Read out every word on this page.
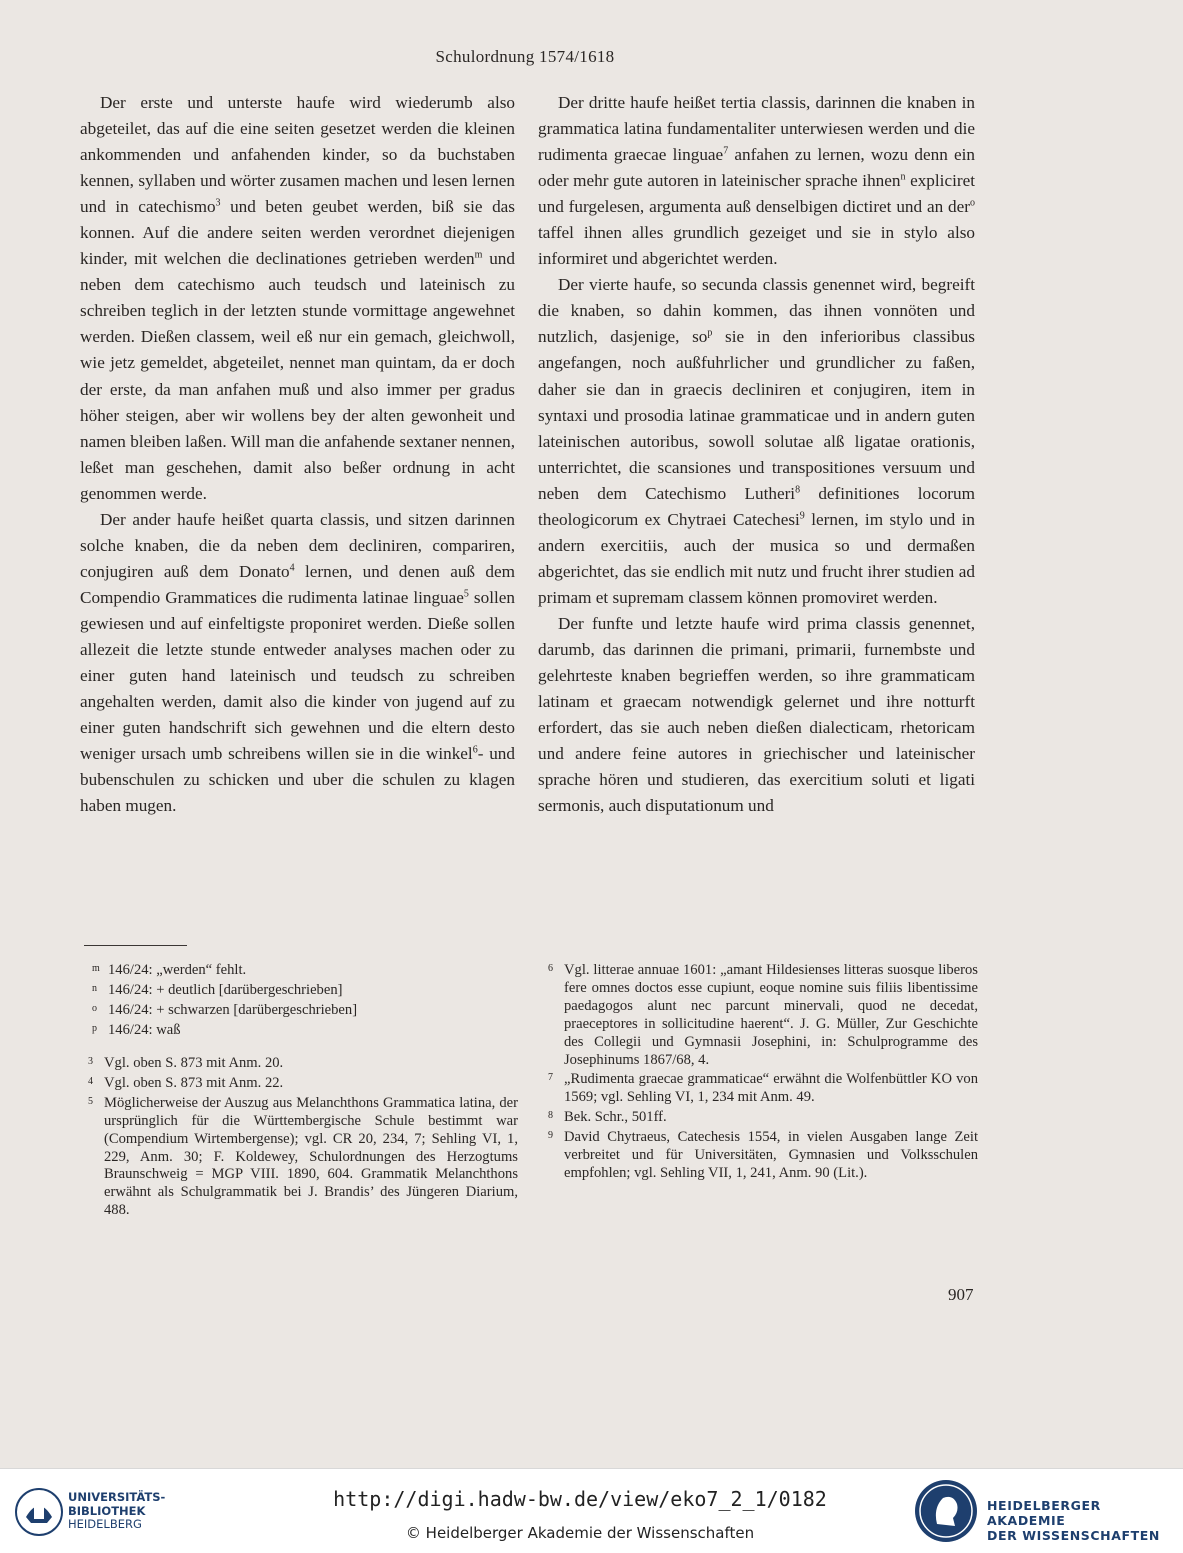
Schulordnung 1574/1618

Der erste und unterste haufe wird wiederumb also abgeteilet, das auf die eine seiten gesetzet werden die kleinen ankommenden und anfahenden kinder, so da buchstaben kennen, syllaben und wörter zusamen machen und lesen lernen und in catechismo$^3$ und beten geubet werden, biß sie das konnen. Auf die andere seiten werden verordnet diejenigen kinder, mit welchen die declinationes getrieben werden$^m$ und neben dem catechismo auch teudsch und lateinisch zu schreiben teglich in der letzten stunde vormittage angewehnet werden. Dießen classem, weil eß nur ein gemach, gleichwoll, wie jetz gemeldet, abgeteilet, nennet man quintam, da er doch der erste, da man anfahen muß und also immer per gradus höher steigen, aber wir wollens bey der alten gewonheit und namen bleiben laßen. Will man die anfahende sextaner nennen, leßet man geschehen, damit also beßer ordnung in acht genommen werde.

Der ander haufe heißet quarta classis, und sitzen darinnen solche knaben, die da neben dem decliniren, compariren, conjugiren auß dem Donato$^4$ lernen, und denen auß dem Compendio Grammatices die rudimenta latinae linguae$^5$ sollen gewiesen und auf einfeltigste proponiret werden. Dieße sollen allezeit die letzte stunde entweder analyses machen oder zu einer guten hand lateinisch und teudsch zu schreiben angehalten werden, damit also die kinder von jugend auf zu einer guten handschrift sich gewehnen und die eltern desto weniger ursach umb schreibens willen sie in die winkel$^6$- und bubenschulen zu schicken und uber die schulen zu klagen haben mugen.

Der dritte haufe heißet tertia classis, darinnen die knaben in grammatica latina fundamentaliter unterwiesen werden und die rudimenta graecae linguae$^7$ anfahen zu lernen, wozu denn ein oder mehr gute autoren in lateinischer sprache ihnen$^n$ expliciret und furgelesen, argumenta auß denselbigen dictiret und an der$^o$ taffel ihnen alles grundlich gezeiget und sie in stylo also informiret und abgerichtet werden.

Der vierte haufe, so secunda classis genennet wird, begreift die knaben, so dahin kommen, das ihnen vonnöten und nutzlich, dasjenige, $so^p$ sie in den inferioribus classibus angefangen, noch außfuhrlicher und grundlicher zu faßen, daher sie dan in graecis decliniren et conjugiren, item in syntaxi und prosodia latinae grammaticae und in andern guten lateinischen autoribus, sowoll solutae alß ligatae orationis, unterrichtet, die scansiones und transpositiones versuum und neben dem Catechismo Lutheri$^8$ definitiones locorum theologicorum ex Chytraei Catechesi$^9$ lernen, im stylo und in andern exercitiis, auch der musica so und dermaßen abgerichtet, das sie endlich mit nutz und frucht ihrer studien ad primam et supremam classem können promoviret werden.

Der funfte und letzte haufe wird prima classis genennet, darumb, das darinnen die primani, primarii, furnembste und gelehrteste knaben begrieffen werden, so ihre grammaticam latinam et graecam notwendigk gelernet und ihre notturft erfordert, das sie auch neben dießen dialecticam, rhetoricam und andere feine autores in griechischer und lateinischer sprache hören und studieren, das exercitium soluti et ligati sermonis, auch disputationum und

m 146/24: „werden“ fehlt.
n 146/24: + deutlich [darübergeschrieben]
o 146/24: + schwarzen [darübergeschrieben]
p 146/24: waß
3 Vgl. oben S. 873 mit Anm. 20.
4 Vgl. oben S. 873 mit Anm. 22.
5 Möglicherweise der Auszug aus Melanchthons Grammatica latina, der ursprünglich für die Württembergische Schule bestimmt war (Compendium Wirtembergense); vgl. CR 20, 234, 7; Sehling VI, 1, 229, Anm. 30; F. Koldewey, Schulordnungen des Herzogtums Braunschweig = MGP VIII. 1890, 604. Grammatik Melanchthons erwähnt als Schulgrammatik bei J. Brandis’ des Jüngeren Diarium, 488.
6 Vgl. litterae annuae 1601: „amant Hildesienses litteras suosque liberos fere omnes doctos esse cupiunt, eoque nomine suis filiis libentissime paedagogos alunt nec parcunt minervali, quod ne decedat, praeceptores in sollicitudine haerent“. J. G. Müller, Zur Geschichte des Collegii und Gymnasii Josephini, in: Schulprogramme des Josephinums 1867/68, 4.
7 „Rudimenta graecae grammaticae“ erwähnt die Wolfenbüttler KO von 1569; vgl. Sehling VI, 1, 234 mit Anm. 49.
8 Bek. Schr., 501ff.
9 David Chytraeus, Catechesis 1554, in vielen Ausgaben lange Zeit verbreitet und für Universitäten, Gymnasien und Volksschulen empfohlen; vgl. Sehling VII, 1, 241, Anm. 90 (Lit.).
907
UNIVERSITÄTS-
BIBLIOTHEK
HEIDELBERG
http://digi.hadw-bw.de/view/eko7_2_1/0182
© Heidelberger Akademie der Wissenschaften
HEIDELBERGER AKADEMIE
DER WISSENSCHAFTEN
